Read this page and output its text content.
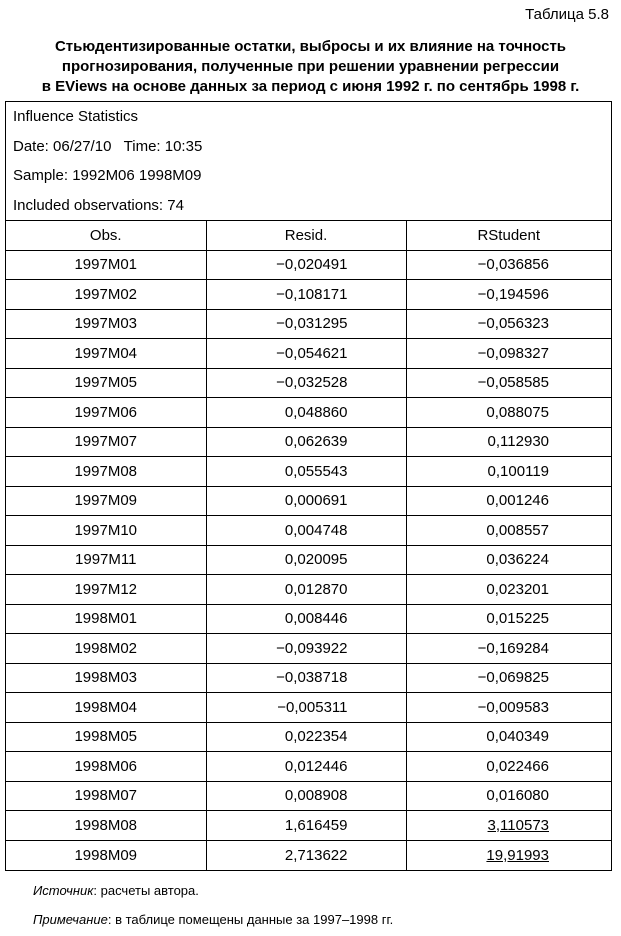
Таблица 5.8
Стьюдентизированные остатки, выбросы и их влияние на точность
прогнозирования, полученные при решении уравнении регрессии
в EViews на основе данных за период с июня 1992 г. по сентябрь 1998 г.
Influence Statistics
Date: 06/27/10   Time: 10:35
Sample: 1992M06 1998M09
Included observations: 74
Obs.	Resid.	RStudent
1997M01	−0,020491	−0,036856
1997M02	−0,108171	−0,194596
1997M03	−0,031295	−0,056323
1997M04	−0,054621	−0,098327
1997M05	−0,032528	−0,058585
1997M06	0,048860	0,088075
1997M07	0,062639	0,112930
1997M08	0,055543	0,100119
1997M09	0,000691	0,001246
1997M10	0,004748	0,008557
1997M11	0,020095	0,036224
1997M12	0,012870	0,023201
1998M01	0,008446	0,015225
1998M02	−0,093922	−0,169284
1998M03	−0,038718	−0,069825
1998M04	−0,005311	−0,009583
1998M05	0,022354	0,040349
1998M06	0,012446	0,022466
1998M07	0,008908	0,016080
1998M08	1,616459	3,110573
1998M09	2,713622	19,91993
Источник: расчеты автора.
Примечание: в таблице помещены данные за 1997–1998 гг.
